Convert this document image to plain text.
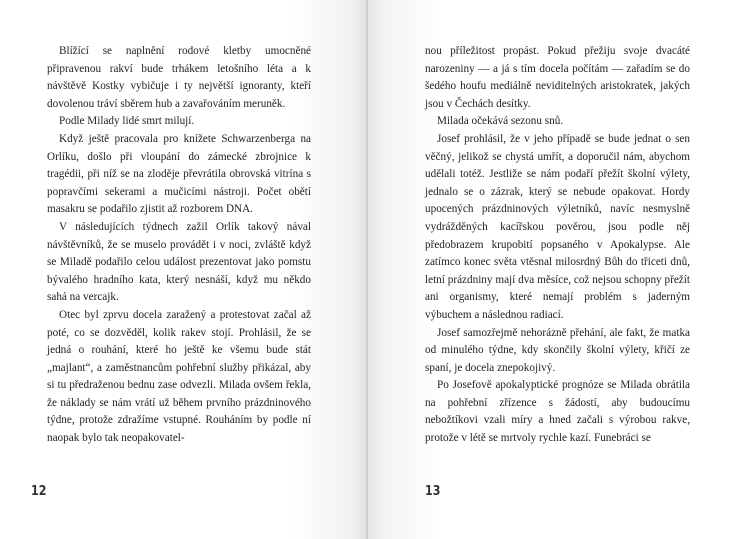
Blížící se naplnění rodové kletby umocněné připravenou rakví bude trhákem letošního léta a k návštěvě Kostky vybičuje i ty největší ignoranty, kteří dovolenou tráví sběrem hub a zavařováním meruněk.

Podle Milady lidé smrt milují.

Když ještě pracovala pro knížete Schwarzenberga na Orlíku, došlo při vloupání do zámecké zbrojnice k tragédii, při níž se na zloděje převrátila obrovská vitrína s popravčími sekerami a mučicími nástroji. Počet obětí masakru se podařilo zjistit až rozborem DNA.

V následujících týdnech zažil Orlík takový nával návštěvníků, že se muselo provádět i v noci, zvláště když se Miladě podařilo celou událost prezentovat jako pomstu bývalého hradního kata, který nesnáší, když mu někdo sahá na vercajk.

Otec byl zprvu docela zaražený a protestovat začal až poté, co se dozvěděl, kolik rakev stojí. Prohlásil, že se jedná o rouhání, které ho ještě ke všemu bude stát „majlant“, a zaměstnancům pohřební služby přikázal, aby si tu předraženou bednu zase odvezli. Milada ovšem řekla, že náklady se nám vrátí už během prvního prázdninového týdne, protože zdražíme vstupné. Rouháním by podle ní naopak bylo tak neopakovatel-

12

nou příležitost propást. Pokud přežiju svoje dvacáté narozeniny — a já s tím docela počítám — zařadím se do šedého houfu mediálně neviditelných aristokratek, jakých jsou v Čechách desítky.

Milada očekává sezonu snů.

Josef prohlásil, že v jeho případě se bude jednat o sen věčný, jelikož se chystá umřít, a doporučil nám, abychom udělali totéž. Jestliže se nám podaří přežít školní výlety, jednalo se o zázrak, který se nebude opakovat. Hordy upocených prázdninových výletníků, navíc nesmyslně vydrážděných kacířskou pověrou, jsou podle něj předobrazem krupobití popsaného v Apokalypse. Ale zatímco konec světa vtěsnal milosrdný Bůh do třiceti dnů, letní prázdniny mají dva měsíce, což nejsou schopny přežít ani organismy, které nemají problém s jaderným výbuchem a následnou radiací.

Josef samozřejmě nehorázně přehání, ale fakt, že matka od minulého týdne, kdy skončily školní výlety, křičí ze spaní, je docela znepokojivý.

Po Josefově apokalyptické prognóze se Milada obrátila na pohřební zřízence s žádostí, aby budoucímu nebožtíkovi vzali míry a hned začali s výrobou rakve, protože v létě se mrtvoly rychle kazí. Funebráci se

13
